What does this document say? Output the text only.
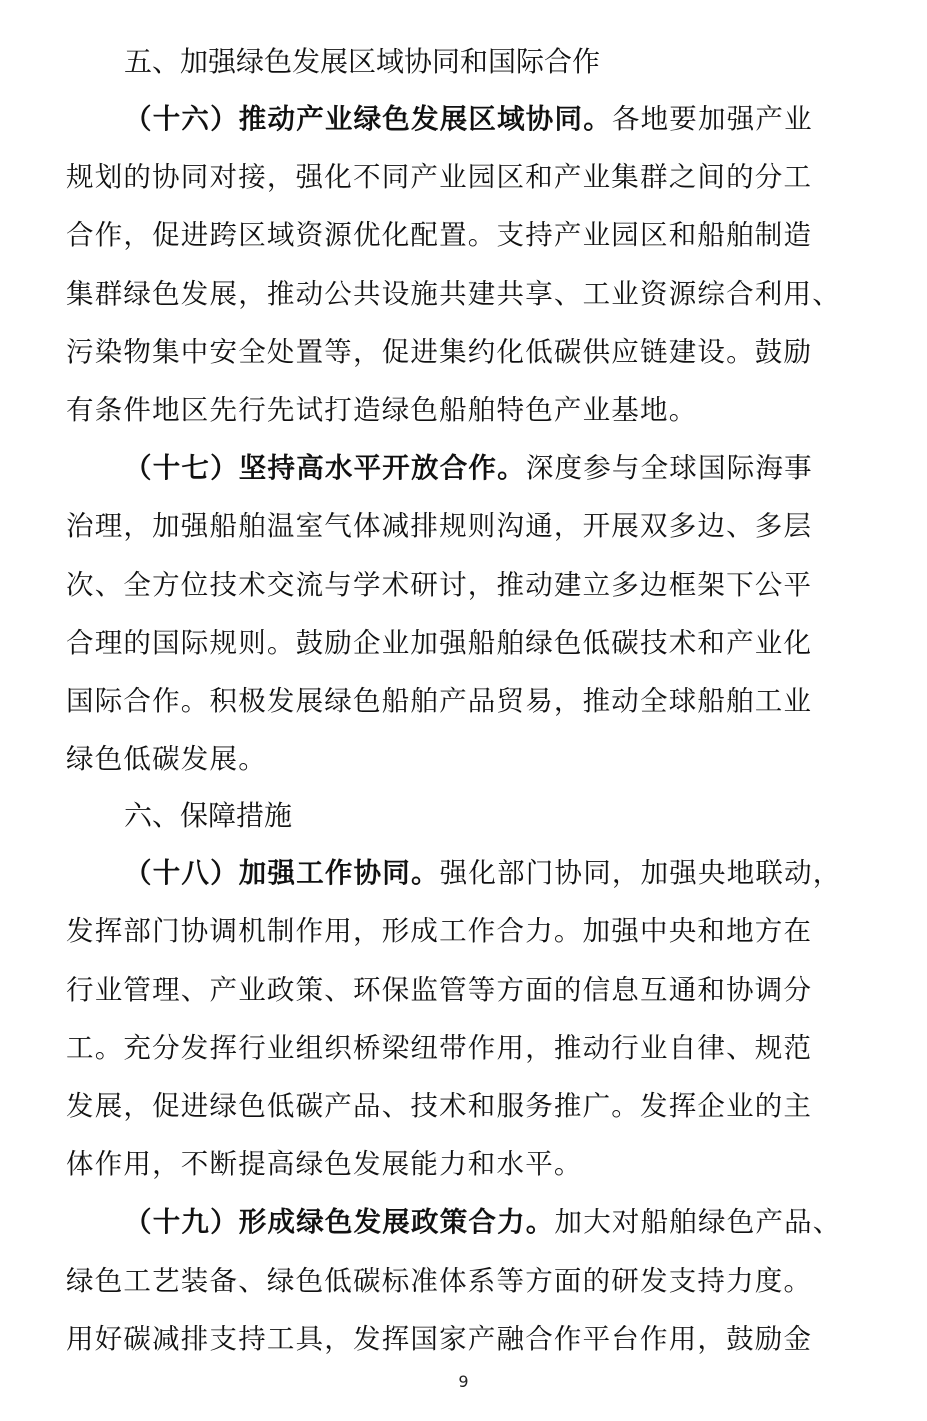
五、加强绿色发展区域协同和国际合作
（十六）推动产业绿色发展区域协同。各地要加强产业
规划的协同对接，强化不同产业园区和产业集群之间的分工
合作，促进跨区域资源优化配置。支持产业园区和船舶制造
集群绿色发展，推动公共设施共建共享、工业资源综合利用、
污染物集中安全处置等，促进集约化低碳供应链建设。鼓励
有条件地区先行先试打造绿色船舶特色产业基地。
（十七）坚持高水平开放合作。深度参与全球国际海事
治理，加强船舶温室气体减排规则沟通，开展双多边、多层
次、全方位技术交流与学术研讨，推动建立多边框架下公平
合理的国际规则。鼓励企业加强船舶绿色低碳技术和产业化
国际合作。积极发展绿色船舶产品贸易，推动全球船舶工业
绿色低碳发展。
六、保障措施
（十八）加强工作协同。强化部门协同，加强央地联动，
发挥部门协调机制作用，形成工作合力。加强中央和地方在
行业管理、产业政策、环保监管等方面的信息互通和协调分
工。充分发挥行业组织桥梁纽带作用，推动行业自律、规范
发展，促进绿色低碳产品、技术和服务推广。发挥企业的主
体作用，不断提高绿色发展能力和水平。
（十九）形成绿色发展政策合力。加大对船舶绿色产品、
绿色工艺装备、绿色低碳标准体系等方面的研发支持力度。
用好碳减排支持工具，发挥国家产融合作平台作用，鼓励金
9
